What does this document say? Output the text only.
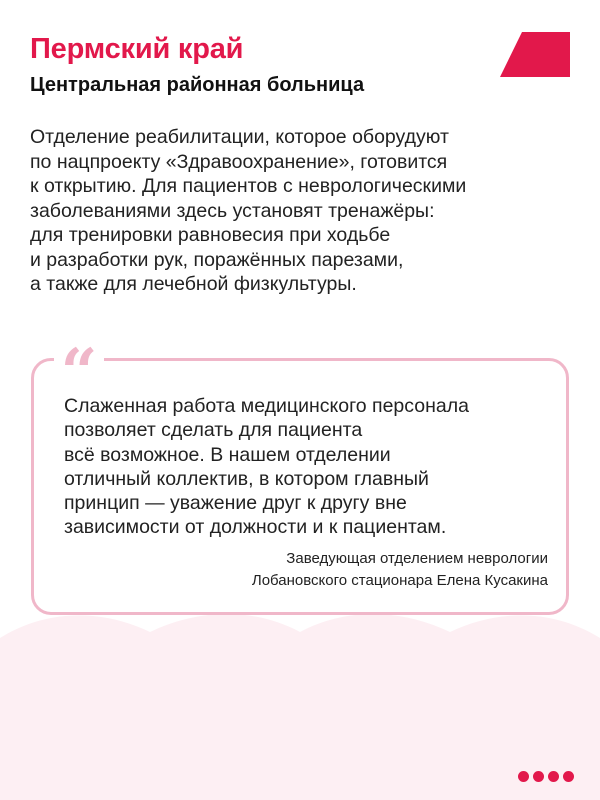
Пермский край
Центральная районная больница
Отделение реабилитации, которое оборудуют
по нацпроекту «Здравоохранение», готовится
к открытию. Для пациентов с неврологическими
заболеваниями здесь установят тренажёры:
для тренировки равновесия при ходьбе
и разработки рук, поражённых парезами,
а также для лечебной физкультуры.
“
Слаженная работа медицинского персонала
позволяет сделать для пациента
всё возможное. В нашем отделении
отличный коллектив, в котором главный
принцип — уважение друг к другу вне
зависимости от должности и к пациентам.
Заведующая отделением неврологии
Лобановского стационара Елена Кусакина
